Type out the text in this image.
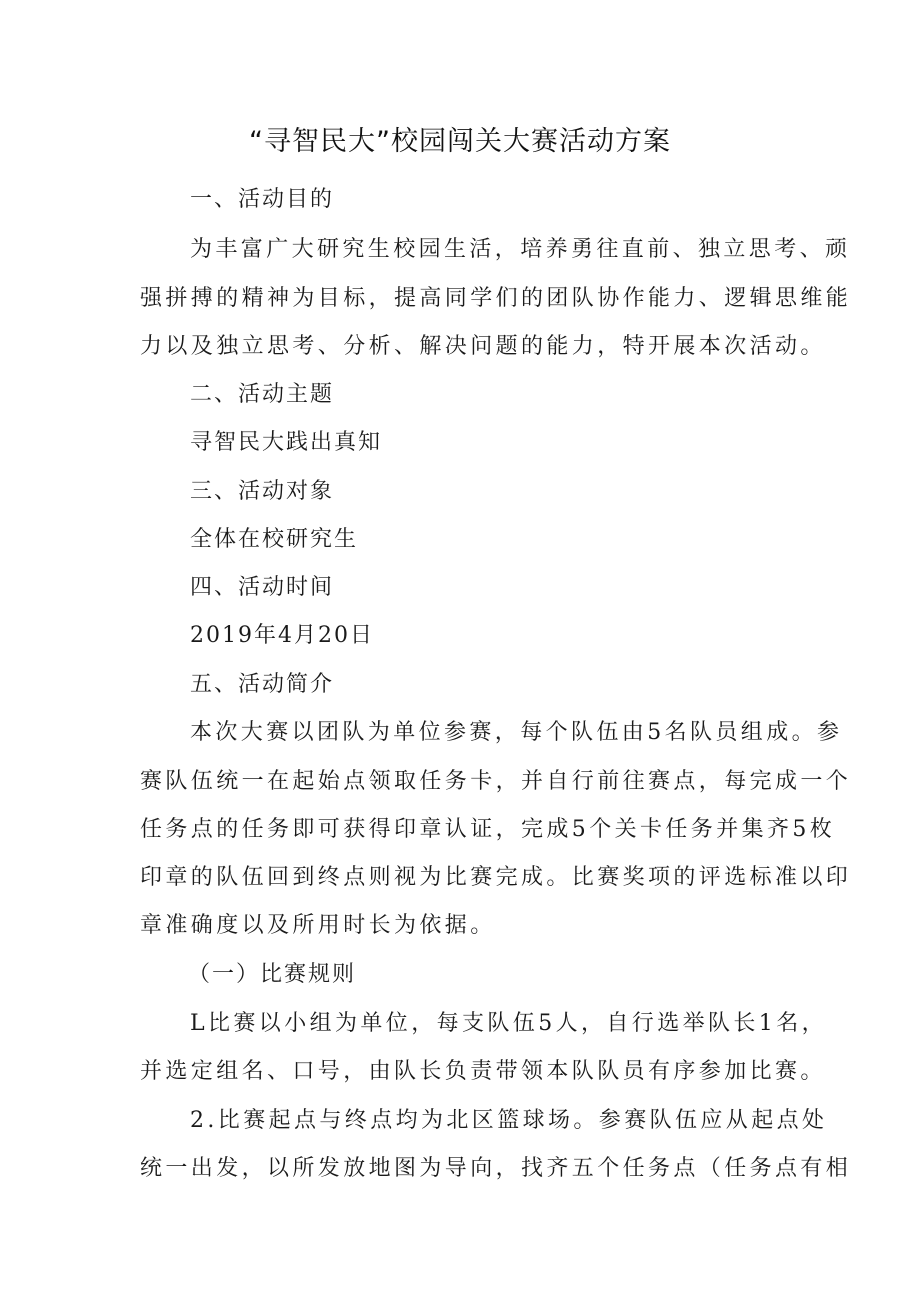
“寻智民大”校园闯关大赛活动方案
一、活动目的
为丰富广大研究生校园生活，培养勇往直前、独立思考、顽
强拼搏的精神为目标，提高同学们的团队协作能力、逻辑思维能
力以及独立思考、分析、解决问题的能力，特开展本次活动。
二、活动主题
寻智民大践出真知
三、活动对象
全体在校研究生
四、活动时间
2019年4月20日
五、活动简介
本次大赛以团队为单位参赛，每个队伍由5名队员组成。参
赛队伍统一在起始点领取任务卡，并自行前往赛点，每完成一个
任务点的任务即可获得印章认证，完成5个关卡任务并集齐5枚
印章的队伍回到终点则视为比赛完成。比赛奖项的评选标准以印
章准确度以及所用时长为依据。
（一）比赛规则
L比赛以小组为单位，每支队伍5人，自行选举队长1名，
并选定组名、口号，由队长负责带领本队队员有序参加比赛。
2.比赛起点与终点均为北区篮球场。参赛队伍应从起点处
统一出发，以所发放地图为导向，找齐五个任务点（任务点有相
